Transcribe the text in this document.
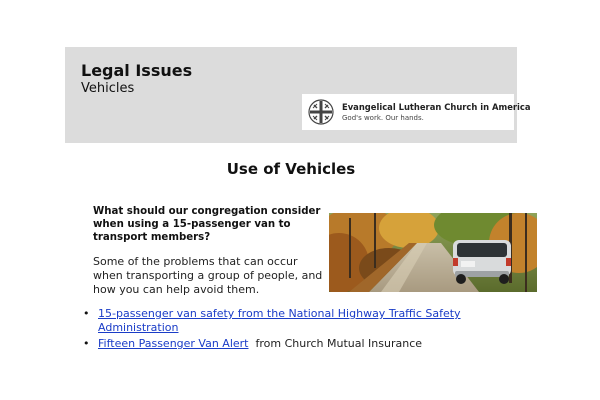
Legal Issues
Vehicles
Evangelical Lutheran Church in America
God's work. Our hands.
Use of Vehicles
What should our congregation consider when using a 15-passenger van to transport members?
Some of the problems that can occur when transporting a group of people, and how you can help avoid them.
• 15-passenger van safety from the National Highway Traffic Safety Administration
• Fifteen Passenger Van Alert  from Church Mutual Insurance
